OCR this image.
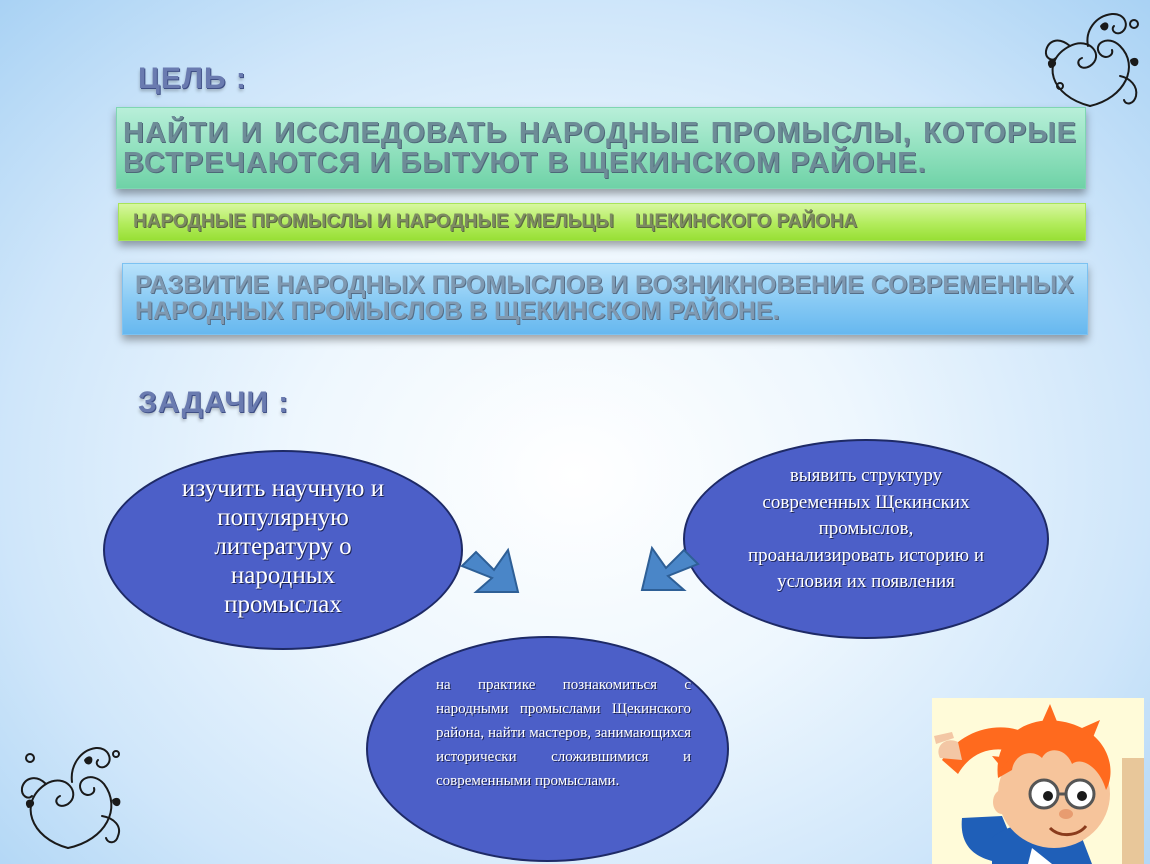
ЦЕЛЬ :
НАЙТИ И ИССЛЕДОВАТЬ НАРОДНЫЕ ПРОМЫСЛЫ, КОТОРЫЕ ВСТРЕЧАЮТСЯ И БЫТУЮТ В ЩЕКИНСКОМ РАЙОНЕ.
НАРОДНЫЕ ПРОМЫСЛЫ И НАРОДНЫЕ УМЕЛЬЦЫ    ЩЕКИНСКОГО РАЙОНА
РАЗВИТИЕ НАРОДНЫХ ПРОМЫСЛОВ И ВОЗНИКНОВЕНИЕ СОВРЕМЕННЫХ НАРОДНЫХ ПРОМЫСЛОВ В ЩЕКИНСКОМ РАЙОНЕ.
ЗАДАЧИ :
изучить научную и популярную литературу о народных промыслах
выявить структуру современных Щекинских промыслов, проанализировать историю и условия их появления
на практике познакомиться с народными промыслами Щекинского района, найти мастеров, занимающихся исторически сложившимися и современными промыслами.
